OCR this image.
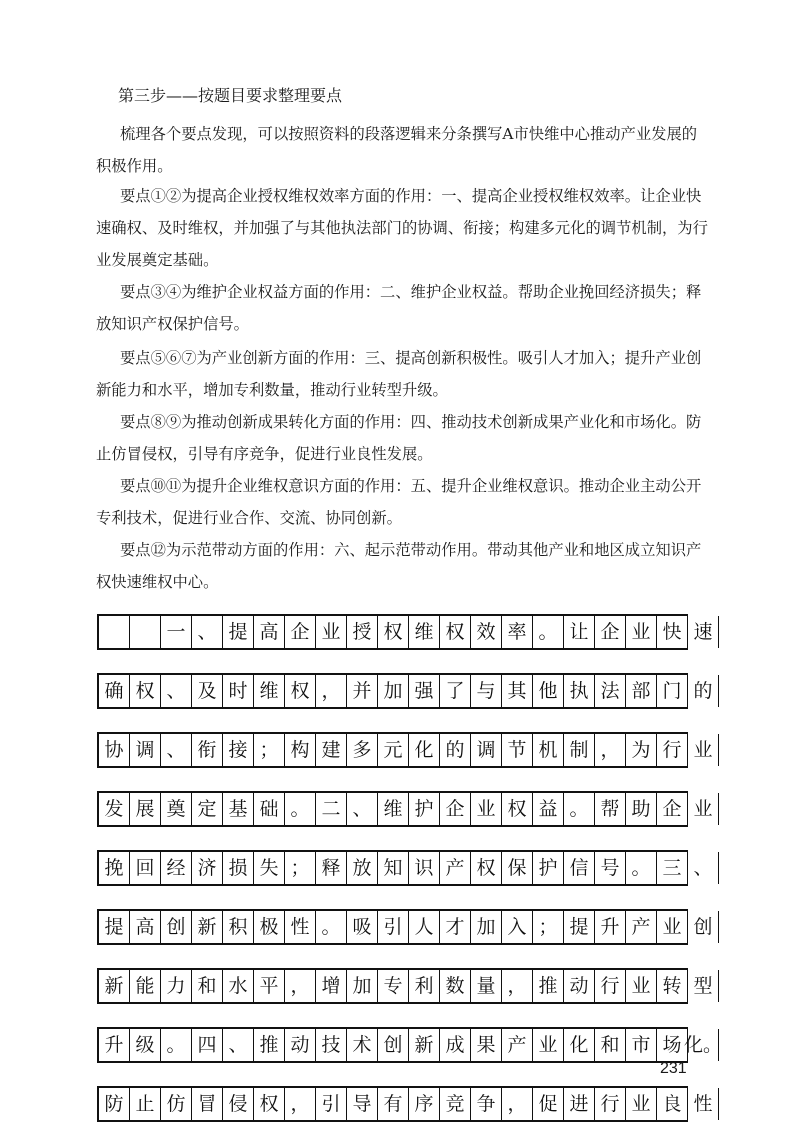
第三步——按题目要求整理要点

梳理各个要点发现，可以按照资料的段落逻辑来分条撰写A市快维中心推动产业发展的积极作用。

要点①②为提高企业授权维权效率方面的作用：一、提高企业授权维权效率。让企业快速确权、及时维权，并加强了与其他执法部门的协调、衔接；构建多元化的调节机制，为行业发展奠定基础。

要点③④为维护企业权益方面的作用：二、维护企业权益。帮助企业挽回经济损失；释放知识产权保护信号。

要点⑤⑥⑦为产业创新方面的作用：三、提高创新积极性。吸引人才加入；提升产业创新能力和水平，增加专利数量，推动行业转型升级。

要点⑧⑨为推动创新成果转化方面的作用：四、推动技术创新成果产业化和市场化。防止仿冒侵权，引导有序竞争，促进行业良性发展。

要点⑩⑪为提升企业维权意识方面的作用：五、提升企业维权意识。推动企业主动公开专利技术，促进行业合作、交流、协同创新。

要点⑫为示范带动方面的作用：六、起示范带动作用。带动其他产业和地区成立知识产权快速维权中心。

一 、 提 高 企 业 授 权 维 权 效 率 。 让 企 业 快 速
确 权 、 及 时 维 权 ， 并 加 强 了 与 其 他 执 法 部 门 的
协 调 、 衔 接 ； 构 建 多 元 化 的 调 节 机 制 ， 为 行 业
发 展 奠 定 基 础 。 二 、 维 护 企 业 权 益 。 帮 助 企 业
挽 回 经 济 损 失 ； 释 放 知 识 产 权 保 护 信 号 。 三 、
提 高 创 新 积 极 性 。 吸 引 人 才 加 入 ； 提 升 产 业 创
新 能 力 和 水 平 ， 增 加 专 利 数 量 ， 推 动 行 业 转 型
升 级 。 四 、 推 动 技 术 创 新 成 果 产 业 化 和 市 场 化。
防 止 仿 冒 侵 权 ， 引 导 有 序 竞 争 ， 促 进 行 业 良 性
231
